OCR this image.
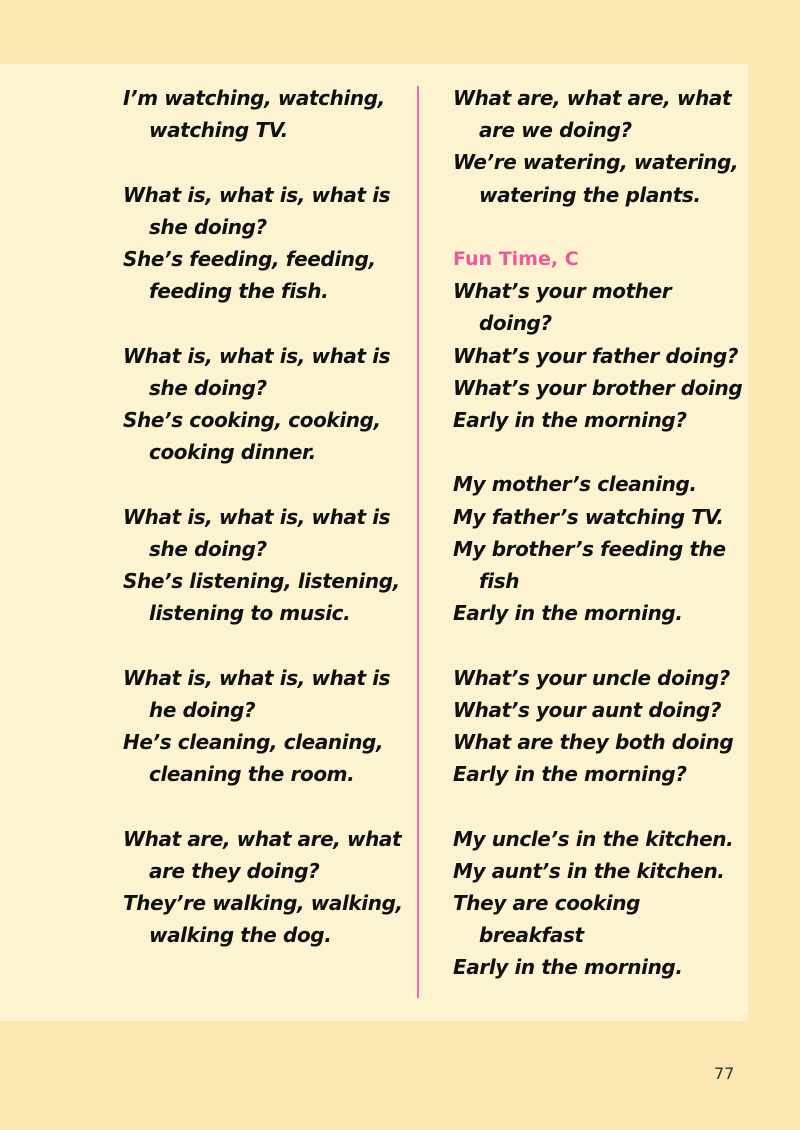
I’m watching, watching,
watching TV.
What is, what is, what is
she doing?
She’s feeding, feeding,
feeding the fish.
What is, what is, what is
she doing?
She’s cooking, cooking,
cooking dinner.
What is, what is, what is
she doing?
She’s listening, listening,
listening to music.
What is, what is, what is
he doing?
He’s cleaning, cleaning,
cleaning the room.
What are, what are, what
are they doing?
They’re walking, walking,
walking the dog.
What are, what are, what
are we doing?
We’re watering, watering,
watering the plants.
Fun Time, C
What’s your mother
doing?
What’s your father doing?
What’s your brother doing
Early in the morning?
My mother’s cleaning.
My father’s watching TV.
My brother’s feeding the
fish
Early in the morning.
What’s your uncle doing?
What’s your aunt doing?
What are they both doing
Early in the morning?
My uncle’s in the kitchen.
My aunt’s in the kitchen.
They are cooking
breakfast
Early in the morning.
77
